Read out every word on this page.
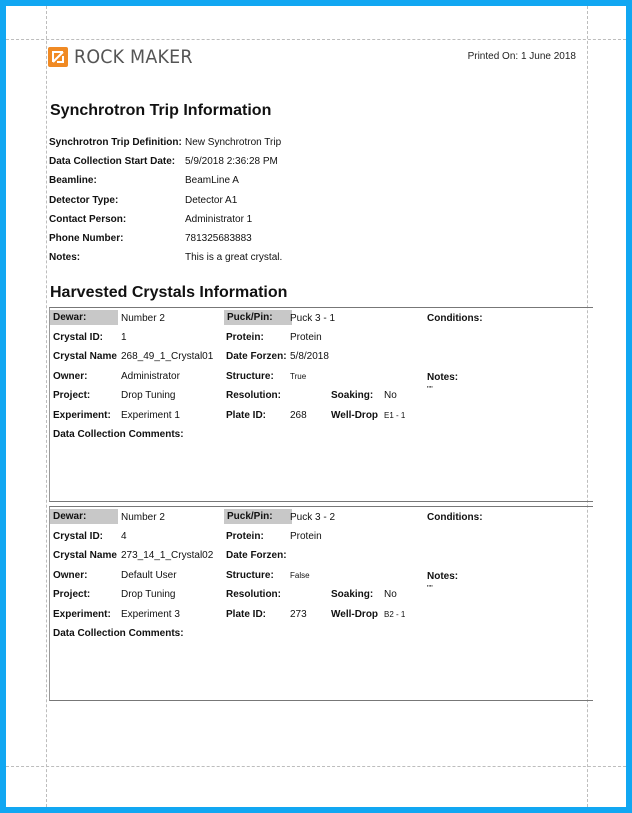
ROCK MAKER	Printed On: 1 June 2018
Synchrotron Trip Information
Synchrotron Trip Definition: New Synchrotron Trip
Data Collection Start Date: 5/9/2018 2:36:28 PM
Beamline:	BeamLine A
Detector Type:	Detector A1
Contact Person:	Administrator 1
Phone Number:	781325683883
Notes:	This is a great crystal.
Harvested Crystals Information
Dewar:	Number 2	Puck/Pin:	Puck 3 - 1	Conditions:
Crystal ID: 1	Protein:	Protein
Crystal Name 268_49_1_Crystal01 Date Forzen: 5/8/2018
Owner:	Administrator	Structure: True	Notes:
""
Project:	Drop Tuning	Resolution:	Soaking: No
Experiment: Experiment 1	Plate ID: 268 Well-Drop E1 - 1
Data Collection Comments:
Dewar:	Number 2	Puck/Pin:	Puck 3 - 2	Conditions:
Crystal ID: 4	Protein:	Protein
Crystal Name 273_14_1_Crystal02 Date Forzen:
Owner:	Default User	Structure: False	Notes:
""
Project:	Drop Tuning	Resolution:	Soaking: No
Experiment: Experiment 3	Plate ID: 273 Well-Drop B2 - 1
Data Collection Comments:
